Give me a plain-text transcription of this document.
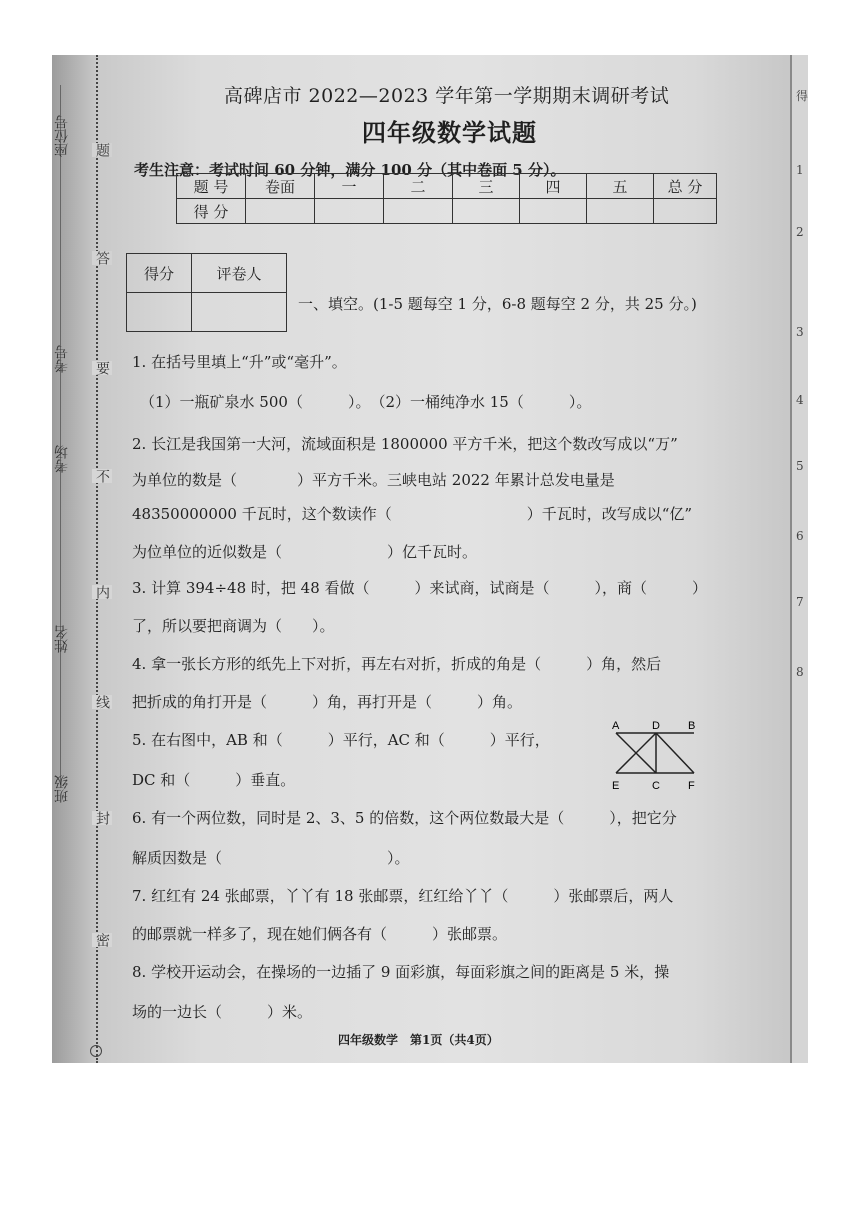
得
1
2
3
4
5
6
7
8
座位号
考号
考场
姓名
班级
题
答
要
不
内
线
封
密
高碑店市 2022—2023 学年第一学期期末调研考试
四年级数学试题
考生注意：考试时间 60 分钟，满分 100 分（其中卷面 5 分）。
题 号	卷面	一	二	三	四	五	总 分
得 分							
得分	评卷人

一、填空。(1-5 题每空 1 分，6-8 题每空 2 分，共 25 分。)
1. 在括号里填上“升”或“毫升”。
（1）一瓶矿泉水 500（　　　）。　（2）一桶纯净水 15（　　　）。
2. 长江是我国第一大河，流域面积是 1800000 平方千米，把这个数改写成以“万”
为单位的数是（　　　　）平方千米。三峡电站 2022 年累计总发电量是
48350000000 千瓦时，这个数读作（　　　　　　　　　）千瓦时，改写成以“亿”
为位单位的近似数是（　　　　　　　）亿千瓦时。
3. 计算 394÷48 时，把 48 看做（　　　）来试商，试商是（　　　），商（　　　）
了，所以要把商调为（　　）。
4. 拿一张长方形的纸先上下对折，再左右对折，折成的角是（　　　）角，然后
把折成的角打开是（　　　）角，再打开是（　　　）角。
5. 在右图中，AB 和（　　　）平行，AC 和（　　　）平行，
DC 和（　　　）垂直。
6. 有一个两位数，同时是 2、3、5 的倍数，这个两位数最大是（　　　），把它分
解质因数是（　　　　　　　　　　　）。
7. 红红有 24 张邮票，丫丫有 18 张邮票，红红给丫丫（　　　）张邮票后，两人
的邮票就一样多了，现在她们俩各有（　　　）张邮票。
8. 学校开运动会，在操场的一边插了 9 面彩旗，每面彩旗之间的距离是 5 米，操
场的一边长（　　　）米。
A	D	B
E	C	F
四年级数学　第1页（共4页）
